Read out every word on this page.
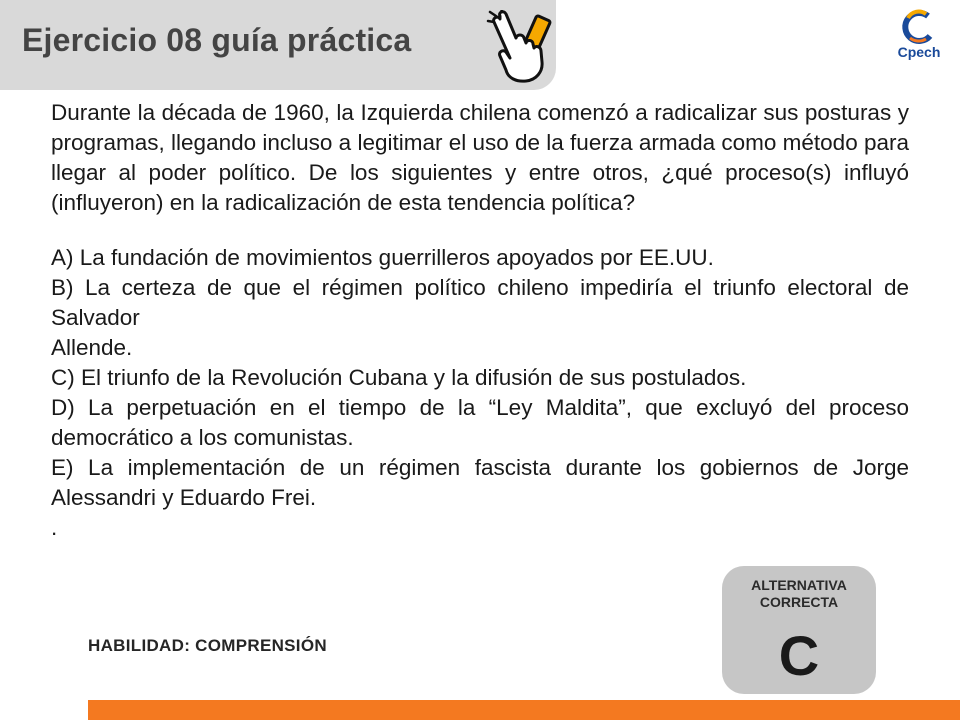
Ejercicio 08 guía práctica	Cpech

Durante la década de 1960, la Izquierda chilena comenzó a radicalizar sus posturas y programas, llegando incluso a legitimar el uso de la fuerza armada como método para llegar al poder político. De los siguientes y entre otros, ¿qué proceso(s) influyó (influyeron) en la radicalización de esta tendencia política?

A) La fundación de movimientos guerrilleros apoyados por EE.UU.

B) La certeza de que el régimen político chileno impediría el triunfo electoral de Salvador

Allende.

C) El triunfo de la Revolución Cubana y la difusión de sus postulados.

D) La perpetuación en el tiempo de la “Ley Maldita”, que excluyó del proceso democrático a los comunistas.

E) La implementación de un régimen fascista durante los gobiernos de Jorge Alessandri y Eduardo Frei.

.

HABILIDAD: COMPRENSIÓN
ALTERNATIVA
CORRECTA
C
